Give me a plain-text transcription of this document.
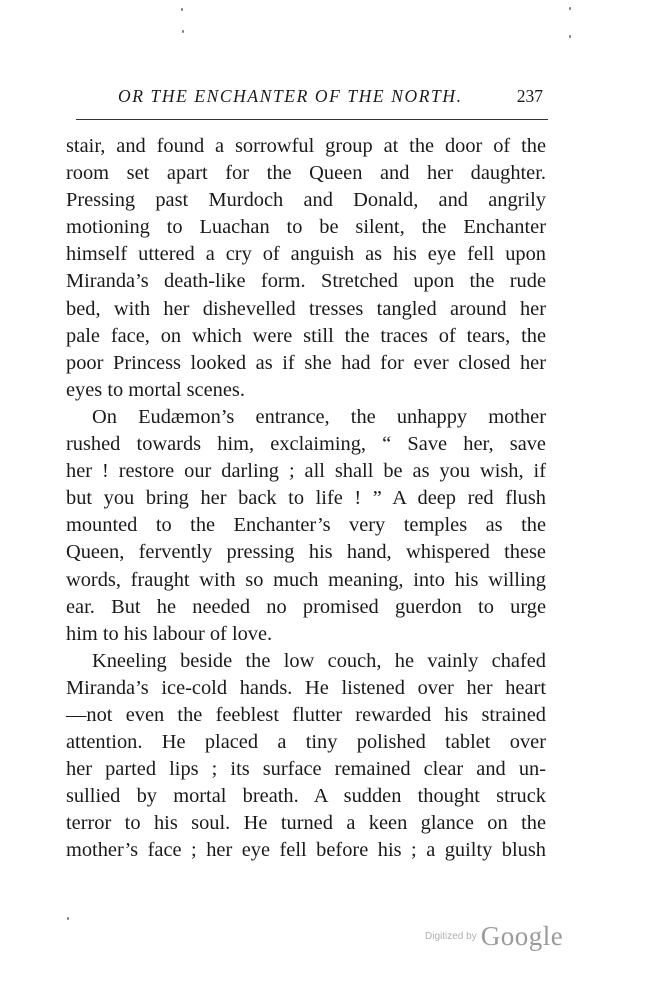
OR THE ENCHANTER OF THE NORTH.	237
stair, and found a sorrowful group at the door of the
room set apart for the Queen and her daughter.
Pressing past Murdoch and Donald, and angrily
motioning to Luachan to be silent, the Enchanter
himself uttered a cry of anguish as his eye fell upon
Miranda’s death-like form. Stretched upon the rude
bed, with her dishevelled tresses tangled around her
pale face, on which were still the traces of tears, the
poor Princess looked as if she had for ever closed her
eyes to mortal scenes.
On Eudæmon’s entrance, the unhappy mother
rushed towards him, exclaiming, “ Save her, save
her ! restore our darling ; all shall be as you wish, if
but you bring her back to life ! ” A deep red flush
mounted to the Enchanter’s very temples as the
Queen, fervently pressing his hand, whispered these
words, fraught with so much meaning, into his willing
ear. But he needed no promised guerdon to urge
him to his labour of love.
Kneeling beside the low couch, he vainly chafed
Miranda’s ice-cold hands. He listened over her heart
—not even the feeblest flutter rewarded his strained
attention. He placed a tiny polished tablet over
her parted lips ; its surface remained clear and un-
sullied by mortal breath. A sudden thought struck
terror to his soul. He turned a keen glance on the
mother’s face ; her eye fell before his ; a guilty blush
Digitized by Google
